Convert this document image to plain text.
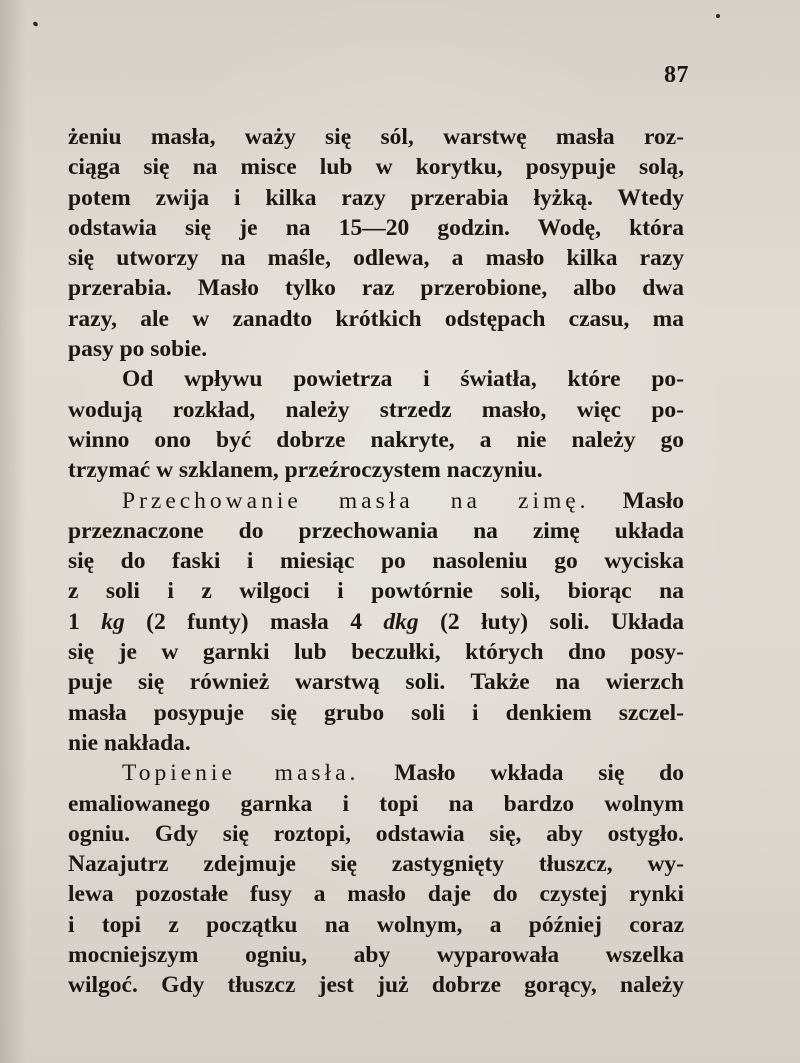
87
żeniu masła, waży się sól, warstwę masła roz-
ciąga się na misce lub w korytku, posypuje solą,
potem zwija i kilka razy przerabia łyżką. Wtedy
odstawia się je na 15—20 godzin. Wodę, która
się utworzy na maśle, odlewa, a masło kilka razy
przerabia. Masło tylko raz przerobione, albo dwa
razy, ale w zanadto krótkich odstępach czasu, ma
pasy po sobie.
Od wpływu powietrza i światła, które po-
wodują rozkład, należy strzedz masło, więc po-
winno ono być dobrze nakryte, a nie należy go
trzymać w szklanem, przeźroczystem naczyniu.
Przechowanie masła na zimę. Masło
przeznaczone do przechowania na zimę układa
się do faski i miesiąc po nasoleniu go wyciska
z soli i z wilgoci i powtórnie soli, biorąc na
1 kg (2 funty) masła 4 dkg (2 łuty) soli. Układa
się je w garnki lub beczułki, których dno posy-
puje się również warstwą soli. Także na wierzch
masła posypuje się grubo soli i denkiem szczel-
nie nakłada.
Topienie masła. Masło wkłada się do
emaliowanego garnka i topi na bardzo wolnym
ogniu. Gdy się roztopi, odstawia się, aby ostygło.
Nazajutrz zdejmuje się zastygnięty tłuszcz, wy-
lewa pozostałe fusy a masło daje do czystej rynki
i topi z początku na wolnym, a później coraz
mocniejszym ogniu, aby wyparowała wszelka
wilgoć. Gdy tłuszcz jest już dobrze gorący, należy
